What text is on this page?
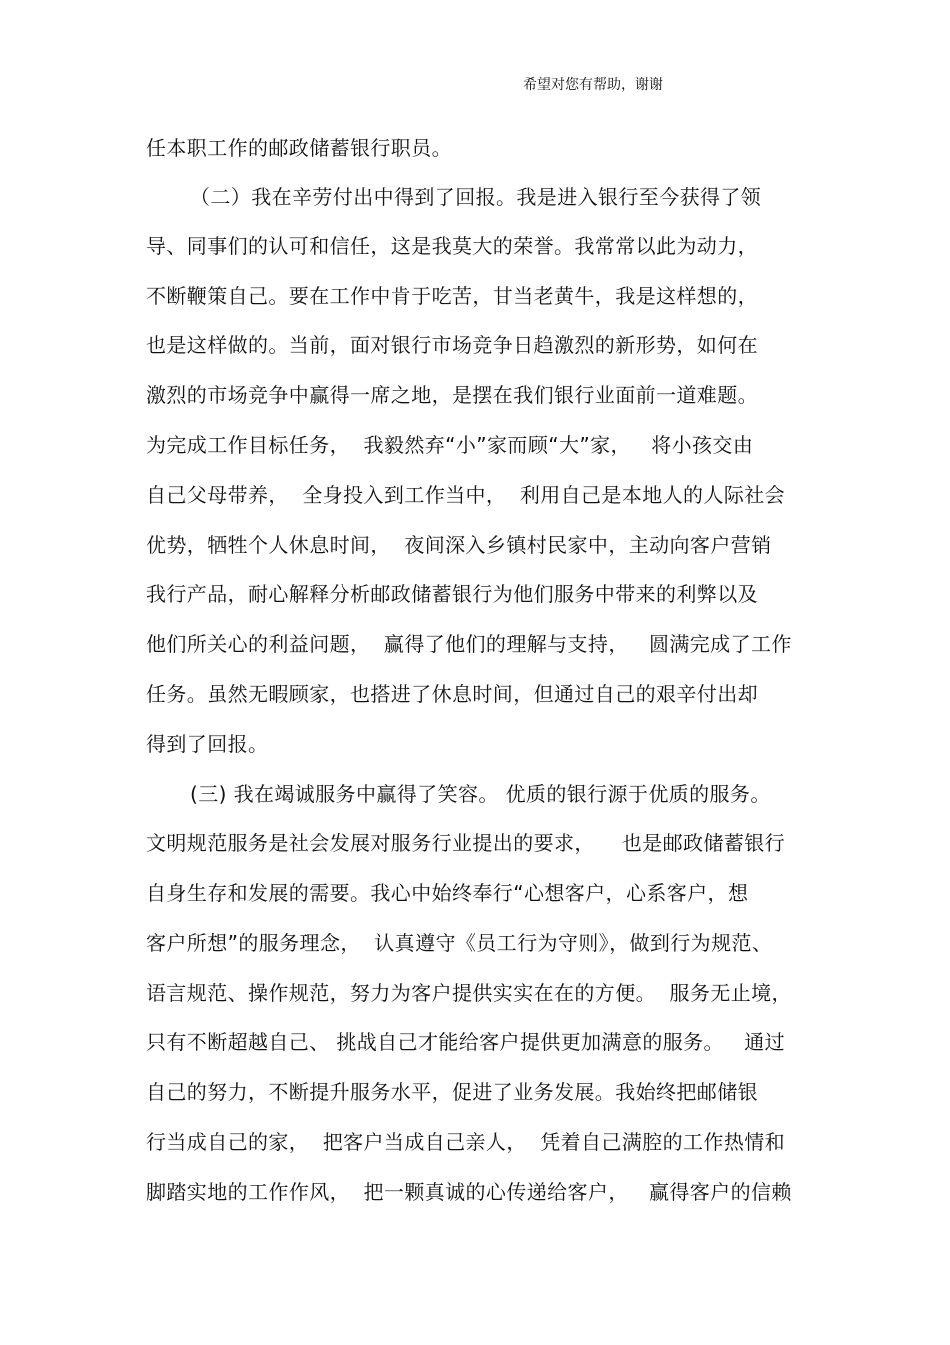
希望对您有帮助，谢谢
任本职工作的邮政储蓄银行职员。
（二）我在辛劳付出中得到了回报。我是进入银行至今获得了领
导、同事们的认可和信任，这是我莫大的荣誉。我常常以此为动力，
不断鞭策自己。要在工作中肯于吃苦，甘当老黄牛，我是这样想的，
也是这样做的。当前，面对银行市场竞争日趋激烈的新形势，如何在
激烈的市场竞争中赢得一席之地，是摆在我们银行业面前一道难题。
为完成工作目标任务，  我毅然弃“小”家而顾“大”家，   将小孩交由
自己父母带养，  全身投入到工作当中，  利用自己是本地人的人际社会
优势，牺牲个人休息时间，  夜间深入乡镇村民家中，主动向客户营销
我行产品，耐心解释分析邮政储蓄银行为他们服务中带来的利弊以及
他们所关心的利益问题，  赢得了他们的理解与支持，   圆满完成了工作
任务。虽然无暇顾家，也搭进了休息时间，但通过自己的艰辛付出却
得到了回报。
(三) 我在竭诚服务中赢得了笑容。 优质的银行源于优质的服务。
文明规范服务是社会发展对服务行业提出的要求，    也是邮政储蓄银行
自身生存和发展的需要。我心中始终奉行“心想客户，心系客户，想
客户所想”的服务理念，  认真遵守《员工行为守则》，做到行为规范、
语言规范、操作规范，努力为客户提供实实在在的方便。  服务无止境，
只有不断超越自己、 挑战自己才能给客户提供更加满意的服务。   通过
自己的努力，不断提升服务水平，促进了业务发展。我始终把邮储银
行当成自己的家，  把客户当成自己亲人，  凭着自己满腔的工作热情和
脚踏实地的工作作风，  把一颗真诚的心传递给客户，   赢得客户的信赖
